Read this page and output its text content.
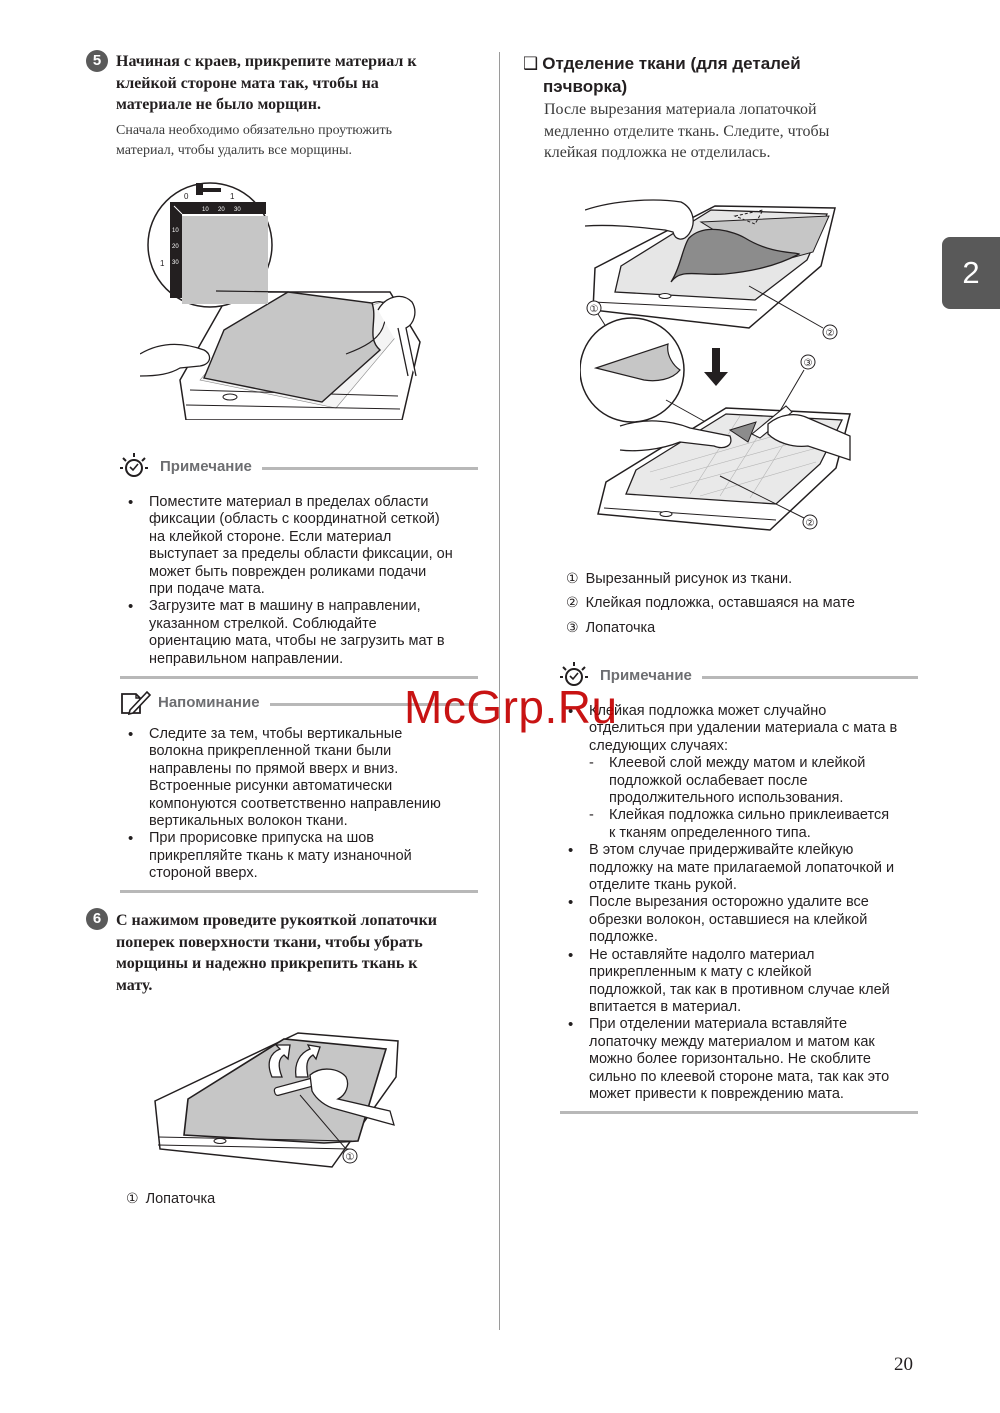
5 Начиная с краев, прикрепите материал к
клейкой стороне мата так, чтобы на
материале не было морщин.
Сначала необходимо обязательно проутюжить
материал, чтобы удалить все морщины.
0	1
10 20 30
1
10
20
30
Примечание
• Поместите материал в пределах области
фиксации (область с координатной сеткой)
на клейкой стороне. Если материал
выступает за пределы области фиксации, он
может быть поврежден роликами подачи
при подаче мата.
• Загрузите мат в машину в направлении,
указанном стрелкой. Соблюдайте
ориентацию мата, чтобы не загрузить мат в
неправильном направлении.
Напоминание
• Следите за тем, чтобы вертикальные
волокна прикрепленной ткани были
направлены по прямой вверх и вниз.
Встроенные рисунки автоматически
компонуются соответственно направлению
вертикальных волокон ткани.
• При прорисовке припуска на шов
прикрепляйте ткань к мату изнаночной
стороной вверх.
6 С нажимом проведите рукояткой лопаточки
поперек поверхности ткани, чтобы убрать
морщины и надежно прикрепить ткань к
мату.
①
① Лопаточка
❑ Отделение ткани (для деталей
пэчворка)
После вырезания материала лопаточкой
медленно отделите ткань. Следите, чтобы
клейкая подложка не отделилась.
②
①
③
②
① Вырезанный рисунок из ткани.
② Клейкая подложка, оставшаяся на мате
③ Лопаточка
Примечание
• Клейкая подложка может случайно
отделиться при удалении материала с мата в
следующих случаях:
- Клеевой слой между матом и клейкой
подложкой ослабевает после
продолжительного использования.
- Клейкая подложка сильно приклеивается
к тканям определенного типа.
• В этом случае придерживайте клейкую
подложку на мате прилагаемой лопаточкой и
отделите ткань рукой.
• После вырезания осторожно удалите все
обрезки волокон, оставшиеся на клейкой
подложке.
• Не оставляйте надолго материал
прикрепленным к мату с клейкой
подложкой, так как в противном случае клей
впитается в материал.
• При отделении материала вставляйте
лопаточку между материалом и матом как
можно более горизонтально. Не скоблите
сильно по клеевой стороне мата, так как это
может привести к повреждению мата.
2
McGrp.Ru
20
